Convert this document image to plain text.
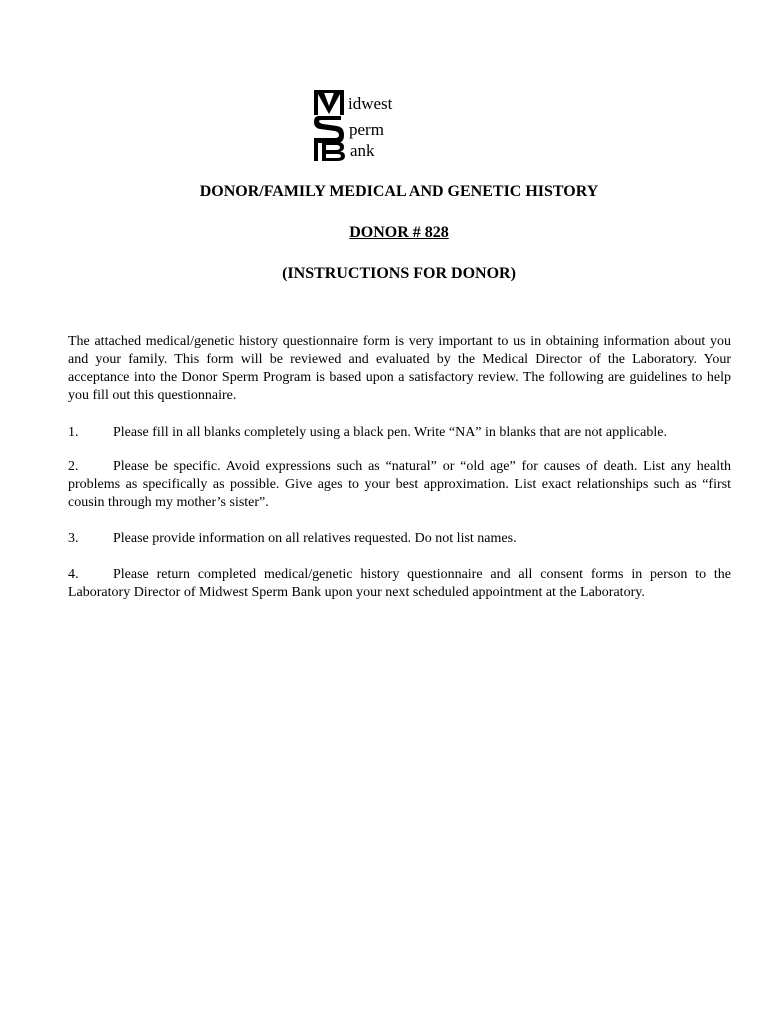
idwest
perm
ank
DONOR/FAMILY MEDICAL AND GENETIC HISTORY
DONOR # 828
(INSTRUCTIONS FOR DONOR)
The attached medical/genetic history questionnaire form is very important to us in obtaining information about you and your family. This form will be reviewed and evaluated by the Medical Director of the Laboratory. Your acceptance into the Donor Sperm Program is based upon a satisfactory review. The following are guidelines to help you fill out this questionnaire.
1. Please fill in all blanks completely using a black pen. Write “NA” in blanks that are not applicable.
2. Please be specific. Avoid expressions such as “natural” or “old age” for causes of death. List any health problems as specifically as possible. Give ages to your best approximation. List exact relationships such as “first cousin through my mother’s sister”.
3. Please provide information on all relatives requested. Do not list names.
4. Please return completed medical/genetic history questionnaire and all consent forms in person to the Laboratory Director of Midwest Sperm Bank upon your next scheduled appointment at the Laboratory.
